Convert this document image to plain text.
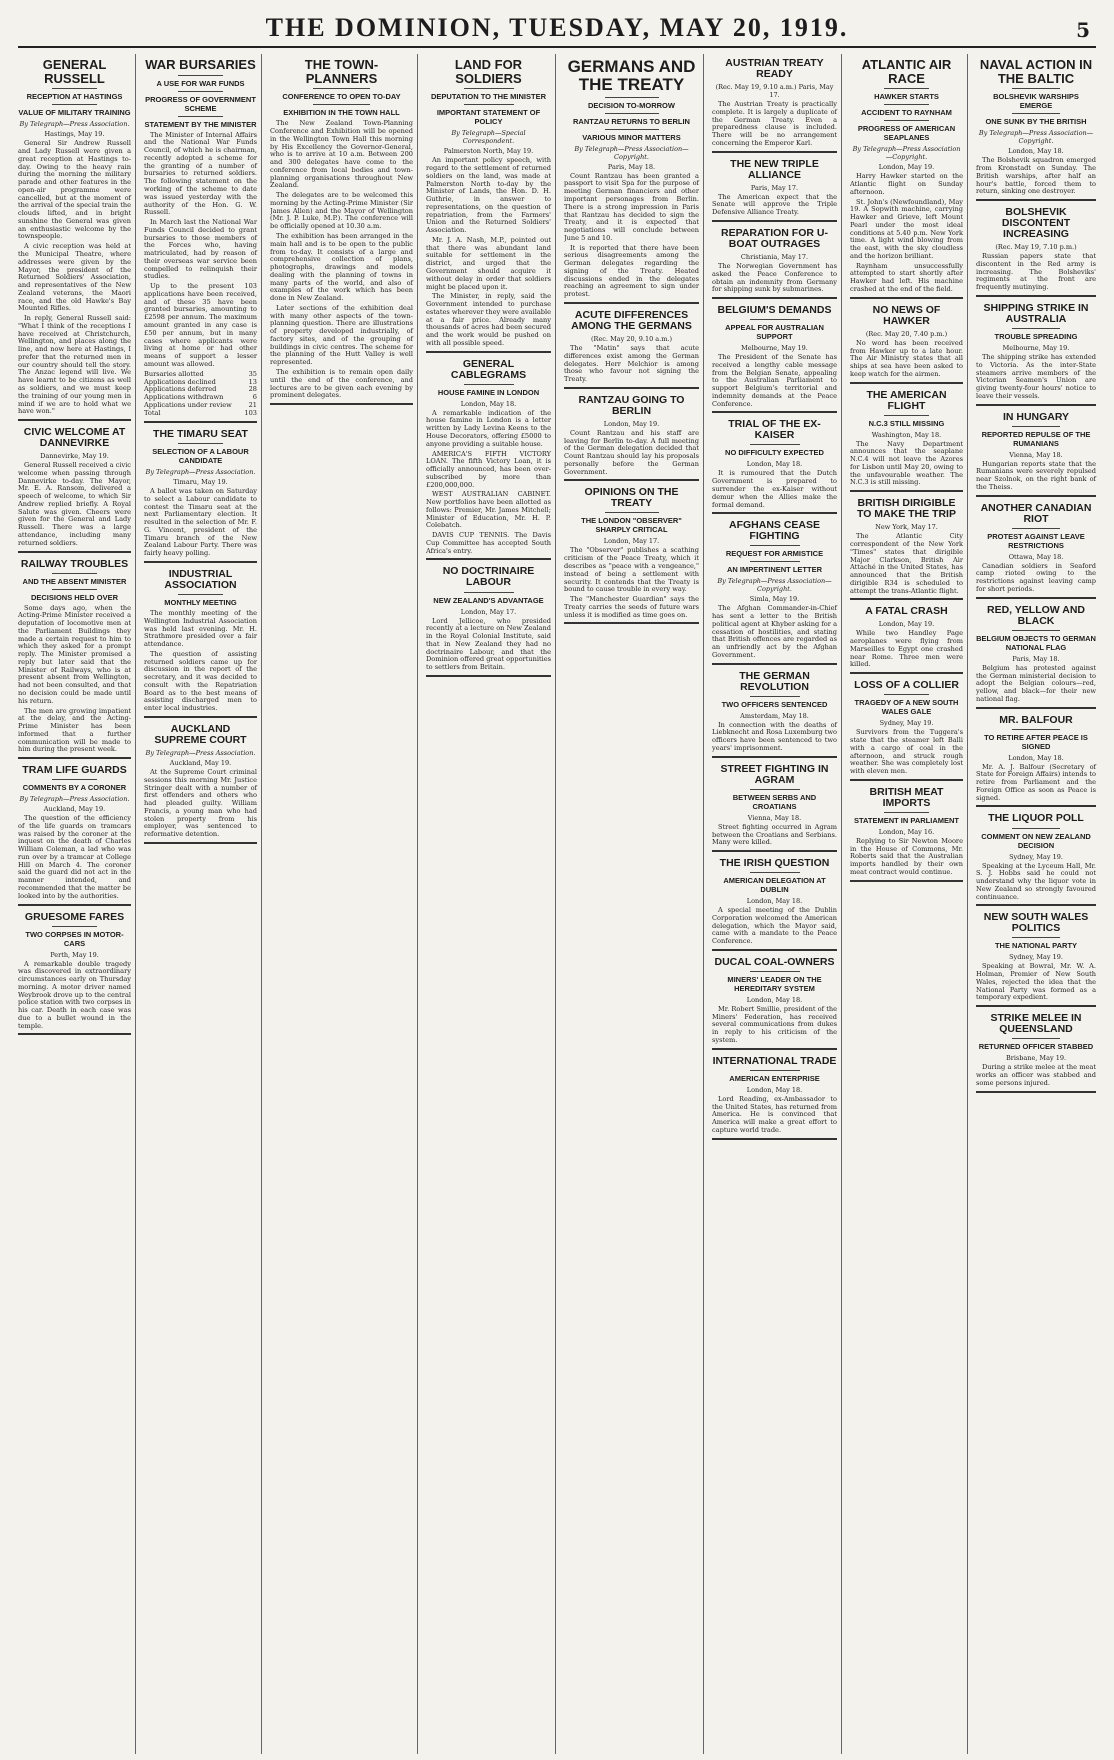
THE DOMINION, TUESDAY, MAY 20, 1919.	5
GENERAL RUSSELL
RECEPTION AT HASTINGS
VALUE OF MILITARY TRAINING
By Telegraph—Press Association.
Hastings, May 19.

General Sir Andrew Russell and Lady Russell were given a great reception at Hastings to-day. Owing to the heavy rain during the morning the military parade and other features in the open-air programme were cancelled, but at the moment of the arrival of the special train the clouds lifted, and in bright sunshine the General was given an enthusiastic welcome by the townspeople.

A civic reception was held at the Municipal Theatre, where addresses were given by the Mayor, the president of the Returned Soldiers' Association, and representatives of the New Zealand veterans, the Maori race, and the old Hawke's Bay Mounted Rifles.

In reply, General Russell said: "What I think of the receptions I have received at Christchurch, Wellington, and places along the line, and now here at Hastings, I prefer that the returned men in our country should tell the story. The Anzac legend will live. We have learnt to be citizens as well as soldiers, and we must keep the training of our young men in mind if we are to hold what we have won."

CIVIC WELCOME AT DANNEVIRKE
Dannevirke, May 19.

General Russell received a civic welcome when passing through Dannevirke to-day. The Mayor, Mr. E. A. Ransom, delivered a speech of welcome, to which Sir Andrew replied briefly. A Royal Salute was given. Cheers were given for the General and Lady Russell. There was a large attendance, including many returned soldiers.

RAILWAY TROUBLES
AND THE ABSENT MINISTER
DECISIONS HELD OVER

Some days ago, when the Acting-Prime Minister received a deputation of locomotive men at the Parliament Buildings they made a certain request to him to which they asked for a prompt reply. The Minister promised a reply but later said that the Minister of Railways, who is at present absent from Wellington, had not been consulted, and that no decision could be made until his return.

The men are growing impatient at the delay, and the Acting-Prime Minister has been informed that a further communication will be made to him during the present week.

TRAM LIFE GUARDS
COMMENTS BY A CORONER
By Telegraph—Press Association.
Auckland, May 19.

The question of the efficiency of the life guards on tramcars was raised by the coroner at the inquest on the death of Charles William Coleman, a lad who was run over by a tramcar at College Hill on March 4. The coroner said the guard did not act in the manner intended, and recommended that the matter be looked into by the authorities.

GRUESOME FARES
TWO CORPSES IN MOTOR-CARS
Perth, May 19.

A remarkable double tragedy was discovered in extraordinary circumstances early on Thursday morning. A motor driver named Weybrook drove up to the central police station with two corpses in his car. Death in each case was due to a bullet wound in the temple.

WAR BURSARIES
A USE FOR WAR FUNDS
PROGRESS OF GOVERNMENT SCHEME
STATEMENT BY THE MINISTER

The Minister of Internal Affairs and the National War Funds Council, of which he is chairman, recently adopted a scheme for the granting of a number of bursaries to returned soldiers. The following statement on the working of the scheme to date was issued yesterday with the authority of the Hon. G. W. Russell.

In March last the National War Funds Council decided to grant bursaries to those members of the Forces who, having matriculated, had by reason of their overseas war service been compelled to relinquish their studies.

Up to the present 103 applications have been received, and of these 35 have been granted bursaries, amounting to £2598 per annum. The maximum amount granted in any case is £50 per annum, but in many cases where applicants were living at home or had other means of support a lesser amount was allowed.

Bursaries allotted	35
Applications declined	13
Applications deferred	28
Applications withdrawn	6
Applications under review	21
Total	103
THE TIMARU SEAT
SELECTION OF A LABOUR CANDIDATE
By Telegraph—Press Association.
Timaru, May 19.

A ballot was taken on Saturday to select a Labour candidate to contest the Timaru seat at the next Parliamentary election. It resulted in the selection of Mr. F. G. Vincent, president of the Timaru branch of the New Zealand Labour Party. There was fairly heavy polling.

INDUSTRIAL ASSOCIATION
MONTHLY MEETING

The monthly meeting of the Wellington Industrial Association was held last evening. Mr. H. Strathmore presided over a fair attendance.

The question of assisting returned soldiers came up for discussion in the report of the secretary, and it was decided to consult with the Repatriation Board as to the best means of assisting discharged men to enter local industries.

AUCKLAND SUPREME COURT
By Telegraph—Press Association.
Auckland, May 19.

At the Supreme Court criminal sessions this morning Mr. Justice Stringer dealt with a number of first offenders and others who had pleaded guilty. William Francis, a young man who had stolen property from his employer, was sentenced to reformative detention.

THE TOWN-PLANNERS
CONFERENCE TO OPEN TO-DAY
EXHIBITION IN THE TOWN HALL

The New Zealand Town-Planning Conference and Exhibition will be opened in the Wellington Town Hall this morning by His Excellency the Governor-General, who is to arrive at 10 a.m. Between 200 and 300 delegates have come to the conference from local bodies and town-planning organisations throughout New Zealand.

The delegates are to be welcomed this morning by the Acting-Prime Minister (Sir James Allen) and the Mayor of Wellington (Mr. J. P. Luke, M.P.). The conference will be officially opened at 10.30 a.m.

The exhibition has been arranged in the main hall and is to be open to the public from to-day. It consists of a large and comprehensive collection of plans, photographs, drawings and models dealing with the planning of towns in many parts of the world, and also of examples of the work which has been done in New Zealand.

Later sections of the exhibition deal with many other aspects of the town-planning question. There are illustrations of property developed industrially, of factory sites, and of the grouping of buildings in civic centres. The scheme for the planning of the Hutt Valley is well represented.

The exhibition is to remain open daily until the end of the conference, and lectures are to be given each evening by prominent delegates.

LAND FOR SOLDIERS
DEPUTATION TO THE MINISTER
IMPORTANT STATEMENT OF POLICY
By Telegraph—Special Correspondent.
Palmerston North, May 19.

An important policy speech, with regard to the settlement of returned soldiers on the land, was made at Palmerston North to-day by the Minister of Lands, the Hon. D. H. Guthrie, in answer to representations, on the question of repatriation, from the Farmers' Union and the Returned Soldiers' Association.

Mr. J. A. Nash, M.P., pointed out that there was abundant land suitable for settlement in the district, and urged that the Government should acquire it without delay in order that soldiers might be placed upon it.

The Minister, in reply, said the Government intended to purchase estates wherever they were available at a fair price. Already many thousands of acres had been secured and the work would be pushed on with all possible speed.

GENERAL CABLEGRAMS
HOUSE FAMINE IN LONDON
London, May 18.

A remarkable indication of the house famine in London is a letter written by Lady Levina Keens to the House Decorators, offering £5000 to anyone providing a suitable house.

AMERICA'S FIFTH VICTORY LOAN. The fifth Victory Loan, it is officially announced, has been over-subscribed by more than £200,000,000.

WEST AUSTRALIAN CABINET. New portfolios have been allotted as follows: Premier, Mr. James Mitchell; Minister of Education, Mr. H. P. Colebatch.

DAVIS CUP TENNIS. The Davis Cup Committee has accepted South Africa's entry.

NO DOCTRINAIRE LABOUR
NEW ZEALAND'S ADVANTAGE
London, May 17.

Lord Jellicoe, who presided recently at a lecture on New Zealand in the Royal Colonial Institute, said that in New Zealand they had no doctrinaire Labour, and that the Dominion offered great opportunities to settlers from Britain.

GERMANS AND THE TREATY
DECISION TO-MORROW
RANTZAU RETURNS TO BERLIN
VARIOUS MINOR MATTERS
By Telegraph—Press Association—Copyright.
Paris, May 18.

Count Rantzau has been granted a passport to visit Spa for the purpose of meeting German financiers and other important personages from Berlin. There is a strong impression in Paris that Rantzau has decided to sign the Treaty, and it is expected that negotiations will conclude between June 5 and 10.

It is reported that there have been serious disagreements among the German delegates regarding the signing of the Treaty. Heated discussions ended in the delegates reaching an agreement to sign under protest.

ACUTE DIFFERENCES AMONG THE GERMANS
(Rec. May 20, 9.10 a.m.)

The "Matin" says that acute differences exist among the German delegates. Herr Melchior is among those who favour not signing the Treaty.

RANTZAU GOING TO BERLIN
London, May 19.

Count Rantzau and his staff are leaving for Berlin to-day. A full meeting of the German delegation decided that Count Rantzau should lay his proposals personally before the German Government.

OPINIONS ON THE TREATY
THE LONDON "OBSERVER" SHARPLY CRITICAL
London, May 17.

The "Observer" publishes a scathing criticism of the Peace Treaty, which it describes as "peace with a vengeance," instead of being a settlement with security. It contends that the Treaty is bound to cause trouble in every way.

The "Manchester Guardian" says the Treaty carries the seeds of future wars unless it is modified as time goes on.

AUSTRIAN TREATY READY
(Rec. May 19, 9.10 a.m.) Paris, May 17.

The Austrian Treaty is practically complete. It is largely a duplicate of the German Treaty. Even a preparedness clause is included. There will be no arrangement concerning the Emperor Karl.

THE NEW TRIPLE ALLIANCE
Paris, May 17.

The American expect that the Senate will approve the Triple Defensive Alliance Treaty.

REPARATION FOR U-BOAT OUTRAGES
Christiania, May 17.

The Norwegian Government has asked the Peace Conference to obtain an indemnity from Germany for shipping sunk by submarines.

BELGIUM'S DEMANDS
APPEAL FOR AUSTRALIAN SUPPORT
Melbourne, May 19.

The President of the Senate has received a lengthy cable message from the Belgian Senate, appealing to the Australian Parliament to support Belgium's territorial and indemnity demands at the Peace Conference.

TRIAL OF THE EX-KAISER
NO DIFFICULTY EXPECTED
London, May 18.

It is rumoured that the Dutch Government is prepared to surrender the ex-Kaiser without demur when the Allies make the formal demand.

AFGHANS CEASE FIGHTING
REQUEST FOR ARMISTICE
AN IMPERTINENT LETTER
By Telegraph—Press Association—Copyright.
Simla, May 19.

The Afghan Commander-in-Chief has sent a letter to the British political agent at Khyber asking for a cessation of hostilities, and stating that British offences are regarded as an unfriendly act by the Afghan Government.

THE GERMAN REVOLUTION
TWO OFFICERS SENTENCED
Amsterdam, May 18.

In connection with the deaths of Liebknecht and Rosa Luxemburg two officers have been sentenced to two years' imprisonment.

STREET FIGHTING IN AGRAM
BETWEEN SERBS AND CROATIANS
Vienna, May 18.

Street fighting occurred in Agram between the Croatians and Serbians. Many were killed.

THE IRISH QUESTION
AMERICAN DELEGATION AT DUBLIN
London, May 18.

A special meeting of the Dublin Corporation welcomed the American delegation, which the Mayor said, came with a mandate to the Peace Conference.

DUCAL COAL-OWNERS
MINERS' LEADER ON THE HEREDITARY SYSTEM
London, May 18.

Mr. Robert Smillie, president of the Miners' Federation, has received several communications from dukes in reply to his criticism of the system.

INTERNATIONAL TRADE
AMERICAN ENTERPRISE
London, May 18.

Lord Reading, ex-Ambassador to the United States, has returned from America. He is convinced that America will make a great effort to capture world trade.

ATLANTIC AIR RACE
HAWKER STARTS
ACCIDENT TO RAYNHAM
PROGRESS OF AMERICAN SEAPLANES
By Telegraph—Press Association—Copyright.
London, May 19.

Harry Hawker started on the Atlantic flight on Sunday afternoon.

St. John's (Newfoundland), May 19. A Sopwith machine, carrying Hawker and Grieve, left Mount Pearl under the most ideal conditions at 5.40 p.m. New York time. A light wind blowing from the east, with the sky cloudless and the horizon brilliant.

Raynham unsuccessfully attempted to start shortly after Hawker had left. His machine crashed at the end of the field.

NO NEWS OF HAWKER
(Rec. May 20, 7.40 p.m.)

No word has been received from Hawker up to a late hour. The Air Ministry states that all ships at sea have been asked to keep watch for the airmen.

THE AMERICAN FLIGHT
N.C.3 STILL MISSING
Washington, May 18.

The Navy Department announces that the seaplane N.C.4 will not leave the Azores for Lisbon until May 20, owing to the unfavourable weather. The N.C.3 is still missing.

BRITISH DIRIGIBLE TO MAKE THE TRIP
New York, May 17.

The Atlantic City correspondent of the New York "Times" states that dirigible Major Clarkson, British Air Attaché in the United States, has announced that the British dirigible R34 is scheduled to attempt the trans-Atlantic flight.

A FATAL CRASH
London, May 19.

While two Handley Page aeroplanes were flying from Marseilles to Egypt one crashed near Rome. Three men were killed.

LOSS OF A COLLIER
TRAGEDY OF A NEW SOUTH WALES GALE
Sydney, May 19.

Survivors from the Tuggera's state that the steamer left Balli with a cargo of coal in the afternoon, and struck rough weather. She was completely lost with eleven men.

BRITISH MEAT IMPORTS
STATEMENT IN PARLIAMENT
London, May 16.

Replying to Sir Newton Moore in the House of Commons, Mr. Roberts said that the Australian imports handled by their own meat contract would continue.

NAVAL ACTION IN THE BALTIC
BOLSHEVIK WARSHIPS EMERGE
ONE SUNK BY THE BRITISH
By Telegraph—Press Association—Copyright.
London, May 18.

The Bolshevik squadron emerged from Kronstadt on Sunday. The British warships, after half an hour's battle, forced them to return, sinking one destroyer.

BOLSHEVIK DISCONTENT INCREASING
(Rec. May 19, 7.10 p.m.)

Russian papers state that discontent in the Red army is increasing. The Bolsheviks' regiments at the front are frequently mutinying.

SHIPPING STRIKE IN AUSTRALIA
TROUBLE SPREADING
Melbourne, May 19.

The shipping strike has extended to Victoria. As the inter-State steamers arrive members of the Victorian Seamen's Union are giving twenty-four hours' notice to leave their vessels.

IN HUNGARY
REPORTED REPULSE OF THE RUMANIANS
Vienna, May 18.

Hungarian reports state that the Rumanians were severely repulsed near Szolnok, on the right bank of the Theiss.

ANOTHER CANADIAN RIOT
PROTEST AGAINST LEAVE RESTRICTIONS
Ottawa, May 18.

Canadian soldiers in Seaford camp rioted owing to the restrictions against leaving camp for short periods.

RED, YELLOW AND BLACK
BELGIUM OBJECTS TO GERMAN NATIONAL FLAG
Paris, May 18.

Belgium has protested against the German ministerial decision to adopt the Belgian colours—red, yellow, and black—for their new national flag.

MR. BALFOUR
TO RETIRE AFTER PEACE IS SIGNED
London, May 18.

Mr. A. J. Balfour (Secretary of State for Foreign Affairs) intends to retire from Parliament and the Foreign Office as soon as Peace is signed.

THE LIQUOR POLL
COMMENT ON NEW ZEALAND DECISION
Sydney, May 19.

Speaking at the Lyceum Hall, Mr. S. J. Hobbs said he could not understand why the liquor vote in New Zealand so strongly favoured continuance.

NEW SOUTH WALES POLITICS
THE NATIONAL PARTY
Sydney, May 19.

Speaking at Bowral, Mr. W. A. Holman, Premier of New South Wales, rejected the idea that the National Party was formed as a temporary expedient.

STRIKE MELEE IN QUEENSLAND
RETURNED OFFICER STABBED
Brisbane, May 19.

During a strike melee at the meat works an officer was stabbed and some persons injured.
